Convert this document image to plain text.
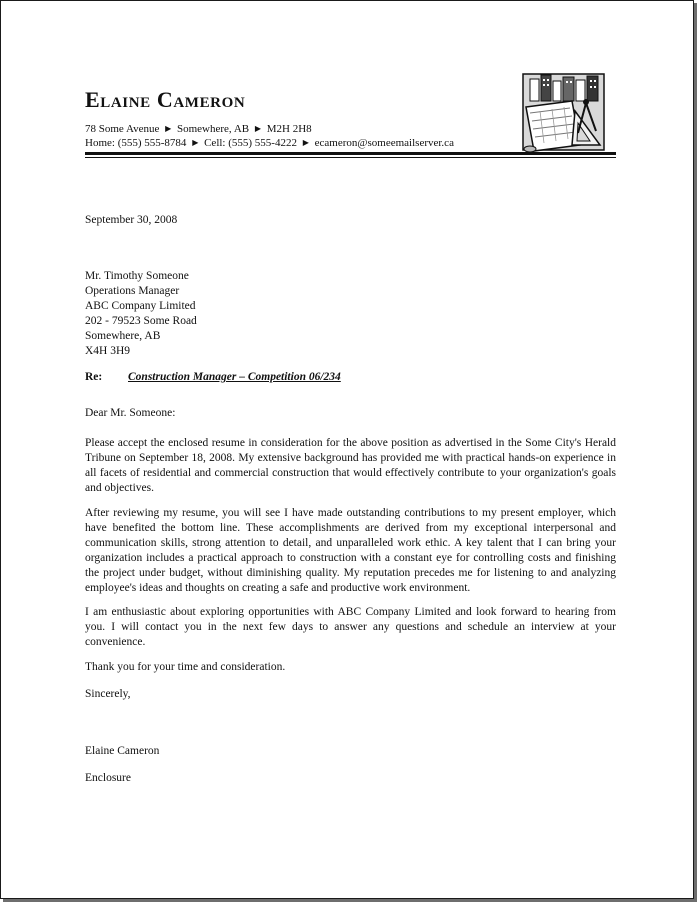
Elaine Cameron
78 Some Avenue ▶ Somewhere, AB ▶ M2H 2H8
Home: (555) 555-8784 ▶ Cell: (555) 555-4222 ▶ ecameron@someemailserver.ca
September 30, 2008
Mr. Timothy Someone
Operations Manager
ABC Company Limited
202 - 79523 Some Road
Somewhere, AB
X4H 3H9
Re: Construction Manager – Competition 06/234
Dear Mr. Someone:
Please accept the enclosed resume in consideration for the above position as advertised in the Some City's Herald Tribune on September 18, 2008. My extensive background has provided me with practical hands-on experience in all facets of residential and commercial construction that would effectively contribute to your organization's goals and objectives.
After reviewing my resume, you will see I have made outstanding contributions to my present employer, which have benefited the bottom line. These accomplishments are derived from my exceptional interpersonal and communication skills, strong attention to detail, and unparalleled work ethic. A key talent that I can bring your organization includes a practical approach to construction with a constant eye for controlling costs and finishing the project under budget, without diminishing quality. My reputation precedes me for listening to and analyzing employee's ideas and thoughts on creating a safe and productive work environment.
I am enthusiastic about exploring opportunities with ABC Company Limited and look forward to hearing from you. I will contact you in the next few days to answer any questions and schedule an interview at your convenience.
Thank you for your time and consideration.
Sincerely,
Elaine Cameron
Enclosure
